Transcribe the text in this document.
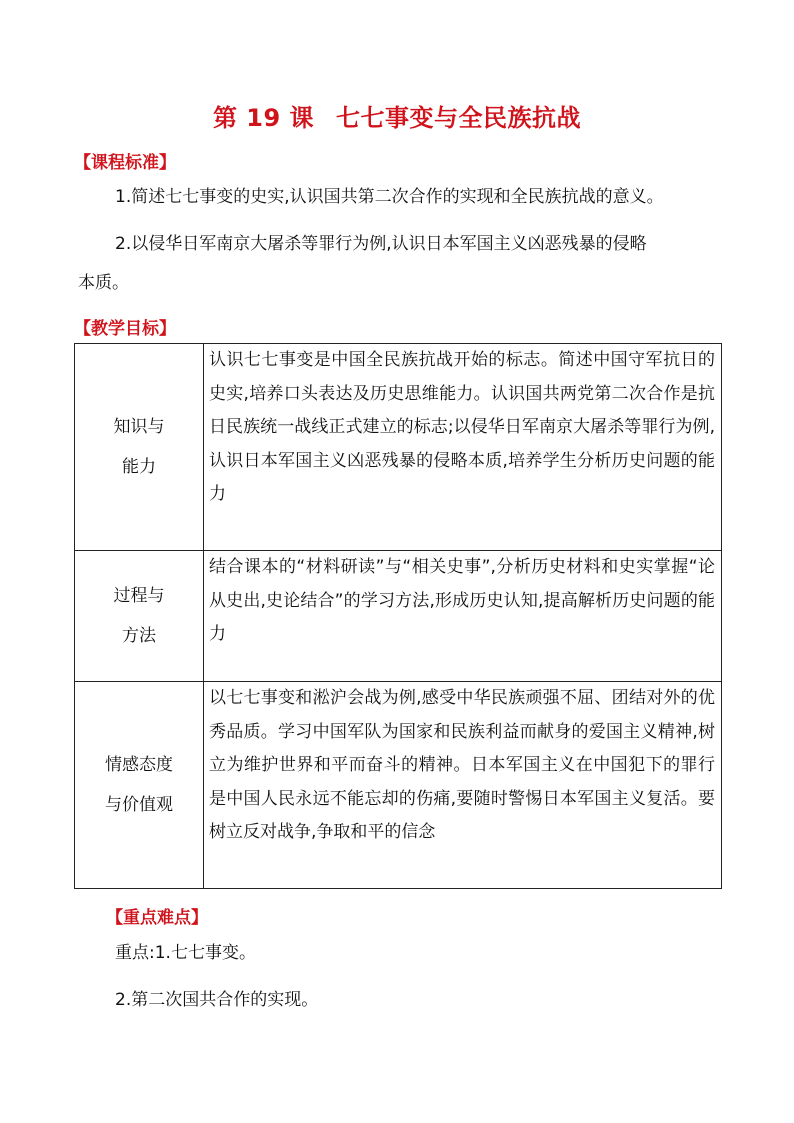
第 19 课 七七事变与全民族抗战
【课程标准】
1.简述七七事变的史实,认识国共第二次合作的实现和全民族抗战的意义。
2.以侵华日军南京大屠杀等罪行为例,认识日本军国主义凶恶残暴的侵略
本质。
【教学目标】
知识与
能力	认识七七事变是中国全民族抗战开始的标志。简述中国守军抗日的史实,培养口头表达及历史思维能力。认识国共两党第二次合作是抗日民族统一战线正式建立的标志;以侵华日军南京大屠杀等罪行为例,认识日本军国主义凶恶残暴的侵略本质,培养学生分析历史问题的能力

过程与
方法	结合课本的“材料研读”与“相关史事”,分析历史材料和史实掌握“论从史出,史论结合”的学习方法,形成历史认知,提高解析历史问题的能力

情感态度
与价值观	以七七事变和淞沪会战为例,感受中华民族顽强不屈、团结对外的优秀品质。学习中国军队为国家和民族利益而献身的爱国主义精神,树立为维护世界和平而奋斗的精神。日本军国主义在中国犯下的罪行是中国人民永远不能忘却的伤痛,要随时警惕日本军国主义复活。要树立反对战争,争取和平的信念
【重点难点】
重点:1.七七事变。
2.第二次国共合作的实现。
